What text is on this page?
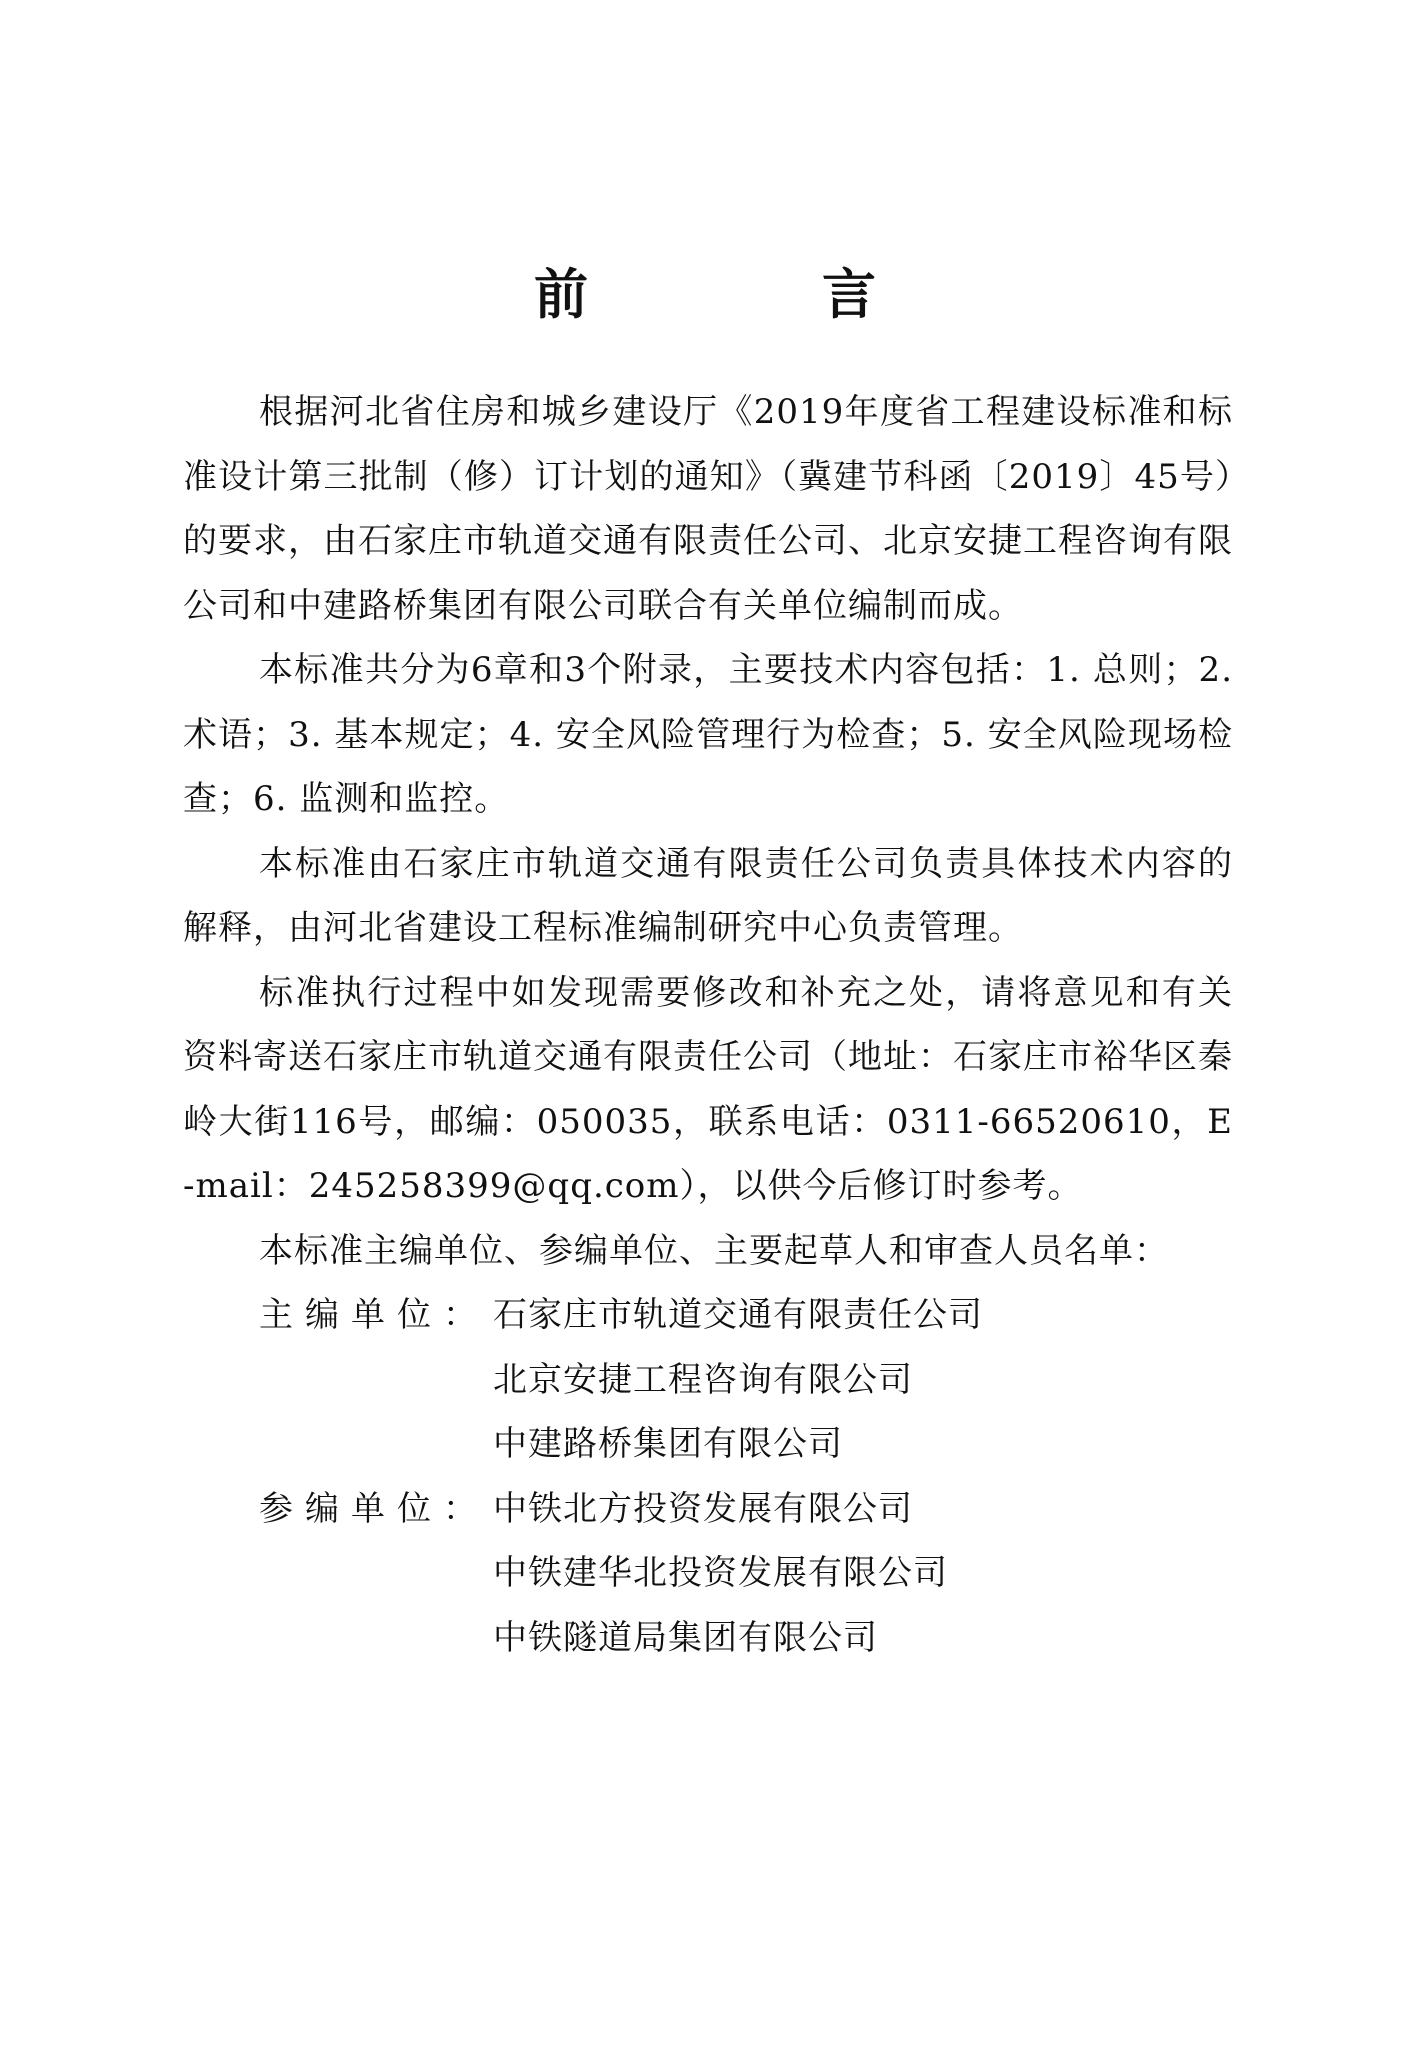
前　言

根据河北省住房和城乡建设厅《2019年度省工程建设标准和标准设计第三批制（修）订计划的通知》（冀建节科函〔2019〕45号）的要求，由石家庄市轨道交通有限责任公司、北京安捷工程咨询有限公司和中建路桥集团有限公司联合有关单位编制而成。

本标准共分为6章和3个附录，主要技术内容包括：1. 总则；2. 术语；3. 基本规定；4. 安全风险管理行为检查；5. 安全风险现场检查；6. 监测和监控。

本标准由石家庄市轨道交通有限责任公司负责具体技术内容的解释，由河北省建设工程标准编制研究中心负责管理。

标准执行过程中如发现需要修改和补充之处，请将意见和有关资料寄送石家庄市轨道交通有限责任公司（地址：石家庄市裕华区秦岭大街116号，邮编：050035，联系电话：0311-66520610，E-mail：245258399@qq.com），以供今后修订时参考。

本标准主编单位、参编单位、主要起草人和审查人员名单：

主编单位： 石家庄市轨道交通有限责任公司
北京安捷工程咨询有限公司
中建路桥集团有限公司
参编单位： 中铁北方投资发展有限公司
中铁建华北投资发展有限公司
中铁隧道局集团有限公司
